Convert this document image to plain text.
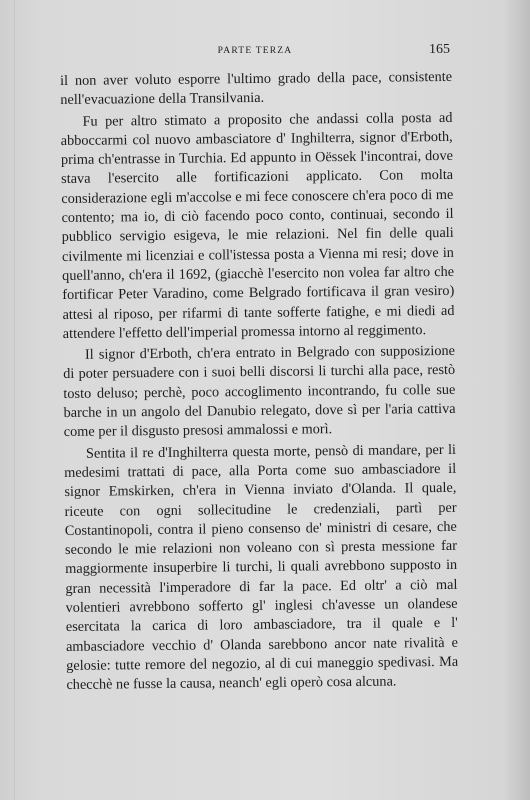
PARTE TERZA	165

il non aver voluto esporre l'ultimo grado della pace, consistente nell'evacuazione della Transilvania.

Fu per altro stimato a proposito che andassi colla posta ad abboccarmi col nuovo ambasciatore d' Inghilterra, signor d'Erboth, prima ch'entrasse in Turchia. Ed appunto in Oëssek l'incontrai, dove stava l'esercito alle fortificazioni applicato. Con molta considerazione egli m'accolse e mi fece conoscere ch'era poco di me contento; ma io, di ciò facendo poco conto, continuai, secondo il pubblico servigio esigeva, le mie relazioni. Nel fin delle quali civilmente mi licenziai e coll'istessa posta a Vienna mi resi; dove in quell'anno, ch'era il 1692, (giacchè l'esercito non volea far altro che fortificar Peter Varadino, come Belgrado fortificava il gran vesiro) attesi al riposo, per rifarmi di tante sofferte fatighe, e mi diedi ad attendere l'effetto dell'imperial promessa intorno al reggimento.

Il signor d'Erboth, ch'era entrato in Belgrado con supposizione di poter persuadere con i suoi belli discorsi li turchi alla pace, restò tosto deluso; perchè, poco accoglimento incontrando, fu colle sue barche in un angolo del Danubio relegato, dove sì per l'aria cattiva come per il disgusto presosi ammalossi e morì.

Sentita il re d'Inghilterra questa morte, pensò di mandare, per li medesimi trattati di pace, alla Porta come suo ambasciadore il signor Emskirken, ch'era in Vienna inviato d'Olanda. Il quale, riceute con ogni sollecitudine le credenziali, partì per Costantinopoli, contra il pieno consenso de' ministri di cesare, che secondo le mie relazioni non voleano con sì presta messione far maggiormente insuperbire li turchi, li quali avrebbono supposto in gran necessità l'imperadore di far la pace. Ed oltr' a ciò mal volentieri avrebbono sofferto gl' inglesi ch'avesse un olandese esercitata la carica di loro ambasciadore, tra il quale e l' ambasciadore vecchio d' Olanda sarebbono ancor nate rivalità e gelosie: tutte remore del negozio, al di cui maneggio spedivasi. Ma checchè ne fusse la causa, neanch' egli operò cosa alcuna.
